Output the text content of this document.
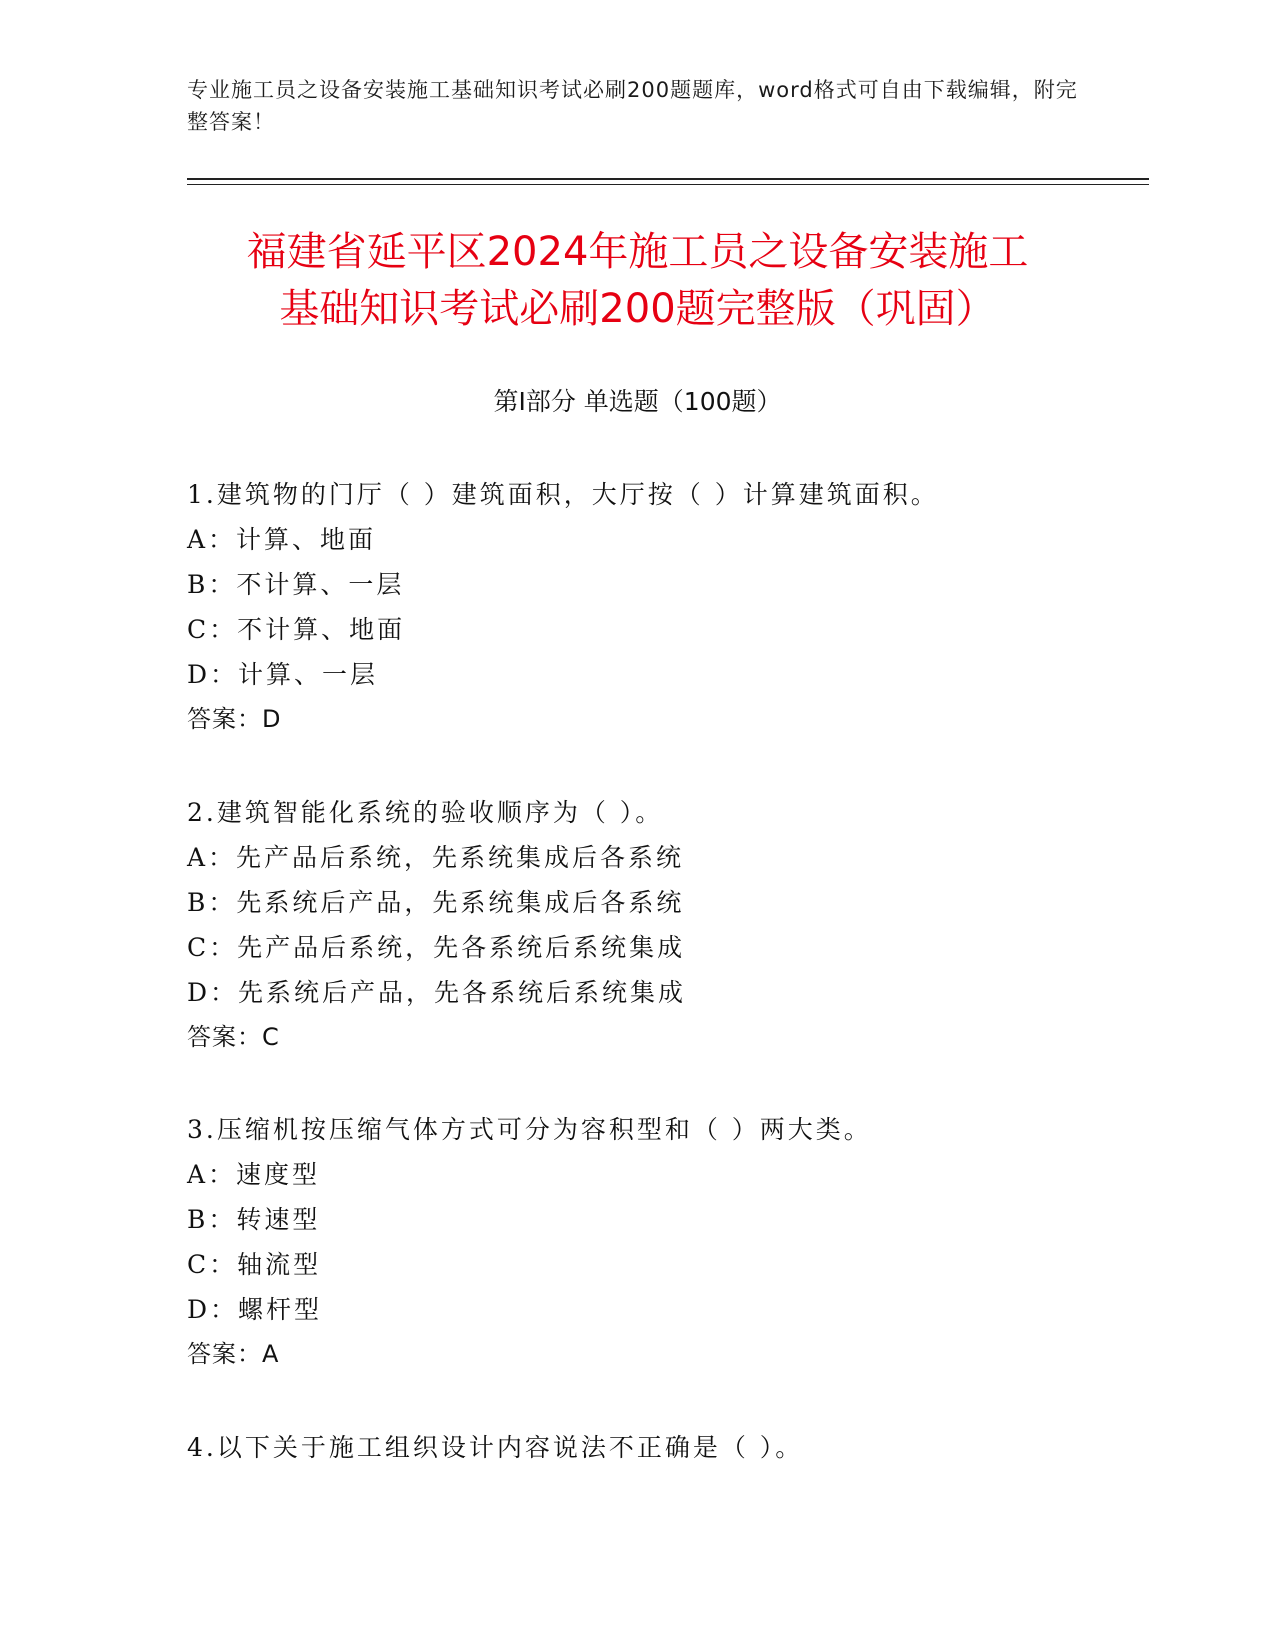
专业施工员之设备安装施工基础知识考试必刷200题题库，word格式可自由下载编辑，附完整答案！
福建省延平区2024年施工员之设备安装施工
基础知识考试必刷200题完整版（巩固）
第Ⅰ部分 单选题（100题）
1.建筑物的门厅（ ）建筑面积，大厅按（ ）计算建筑面积。
A：计算、地面
B：不计算、一层
C：不计算、地面
D：计算、一层
答案：D
2.建筑智能化系统的验收顺序为（ ）。
A：先产品后系统，先系统集成后各系统
B：先系统后产品，先系统集成后各系统
C：先产品后系统，先各系统后系统集成
D：先系统后产品，先各系统后系统集成
答案：C
3.压缩机按压缩气体方式可分为容积型和（ ）两大类。
A：速度型
B：转速型
C：轴流型
D：螺杆型
答案：A
4.以下关于施工组织设计内容说法不正确是（ ）。
